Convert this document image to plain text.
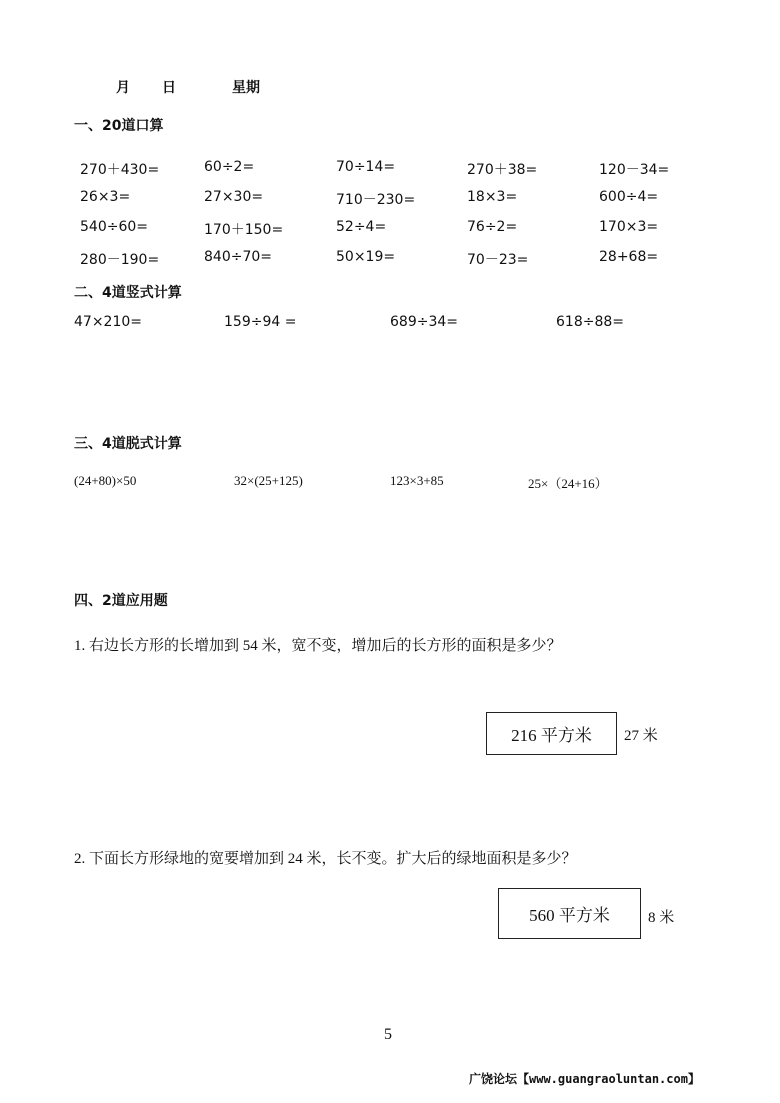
月 日	星期
一、20道口算
270＋430=	60÷2=	70÷14=	270＋38=	120－34=
26×3=	27×30=	710－230=	18×3=	600÷4=
540÷60=	170＋150=	52÷4=	76÷2=	170×3=
280－190=	840÷70=	50×19=	70－23=	28+68=
二、4道竖式计算
47×210=	159÷94 =	689÷34=	618÷88=
三、4道脱式计算
(24+80)×50	32×(25+125)	123×3+85	25×（24+16）
四、2道应用题
1. 右边长方形的长增加到 54 米，宽不变，增加后的长方形的面积是多少？
216 平方米 27 米
2. 下面长方形绿地的宽要增加到 24 米，长不变。扩大后的绿地面积是多少？
560 平方米	8 米
5
广饶论坛【www.guangraoluntan.com】
